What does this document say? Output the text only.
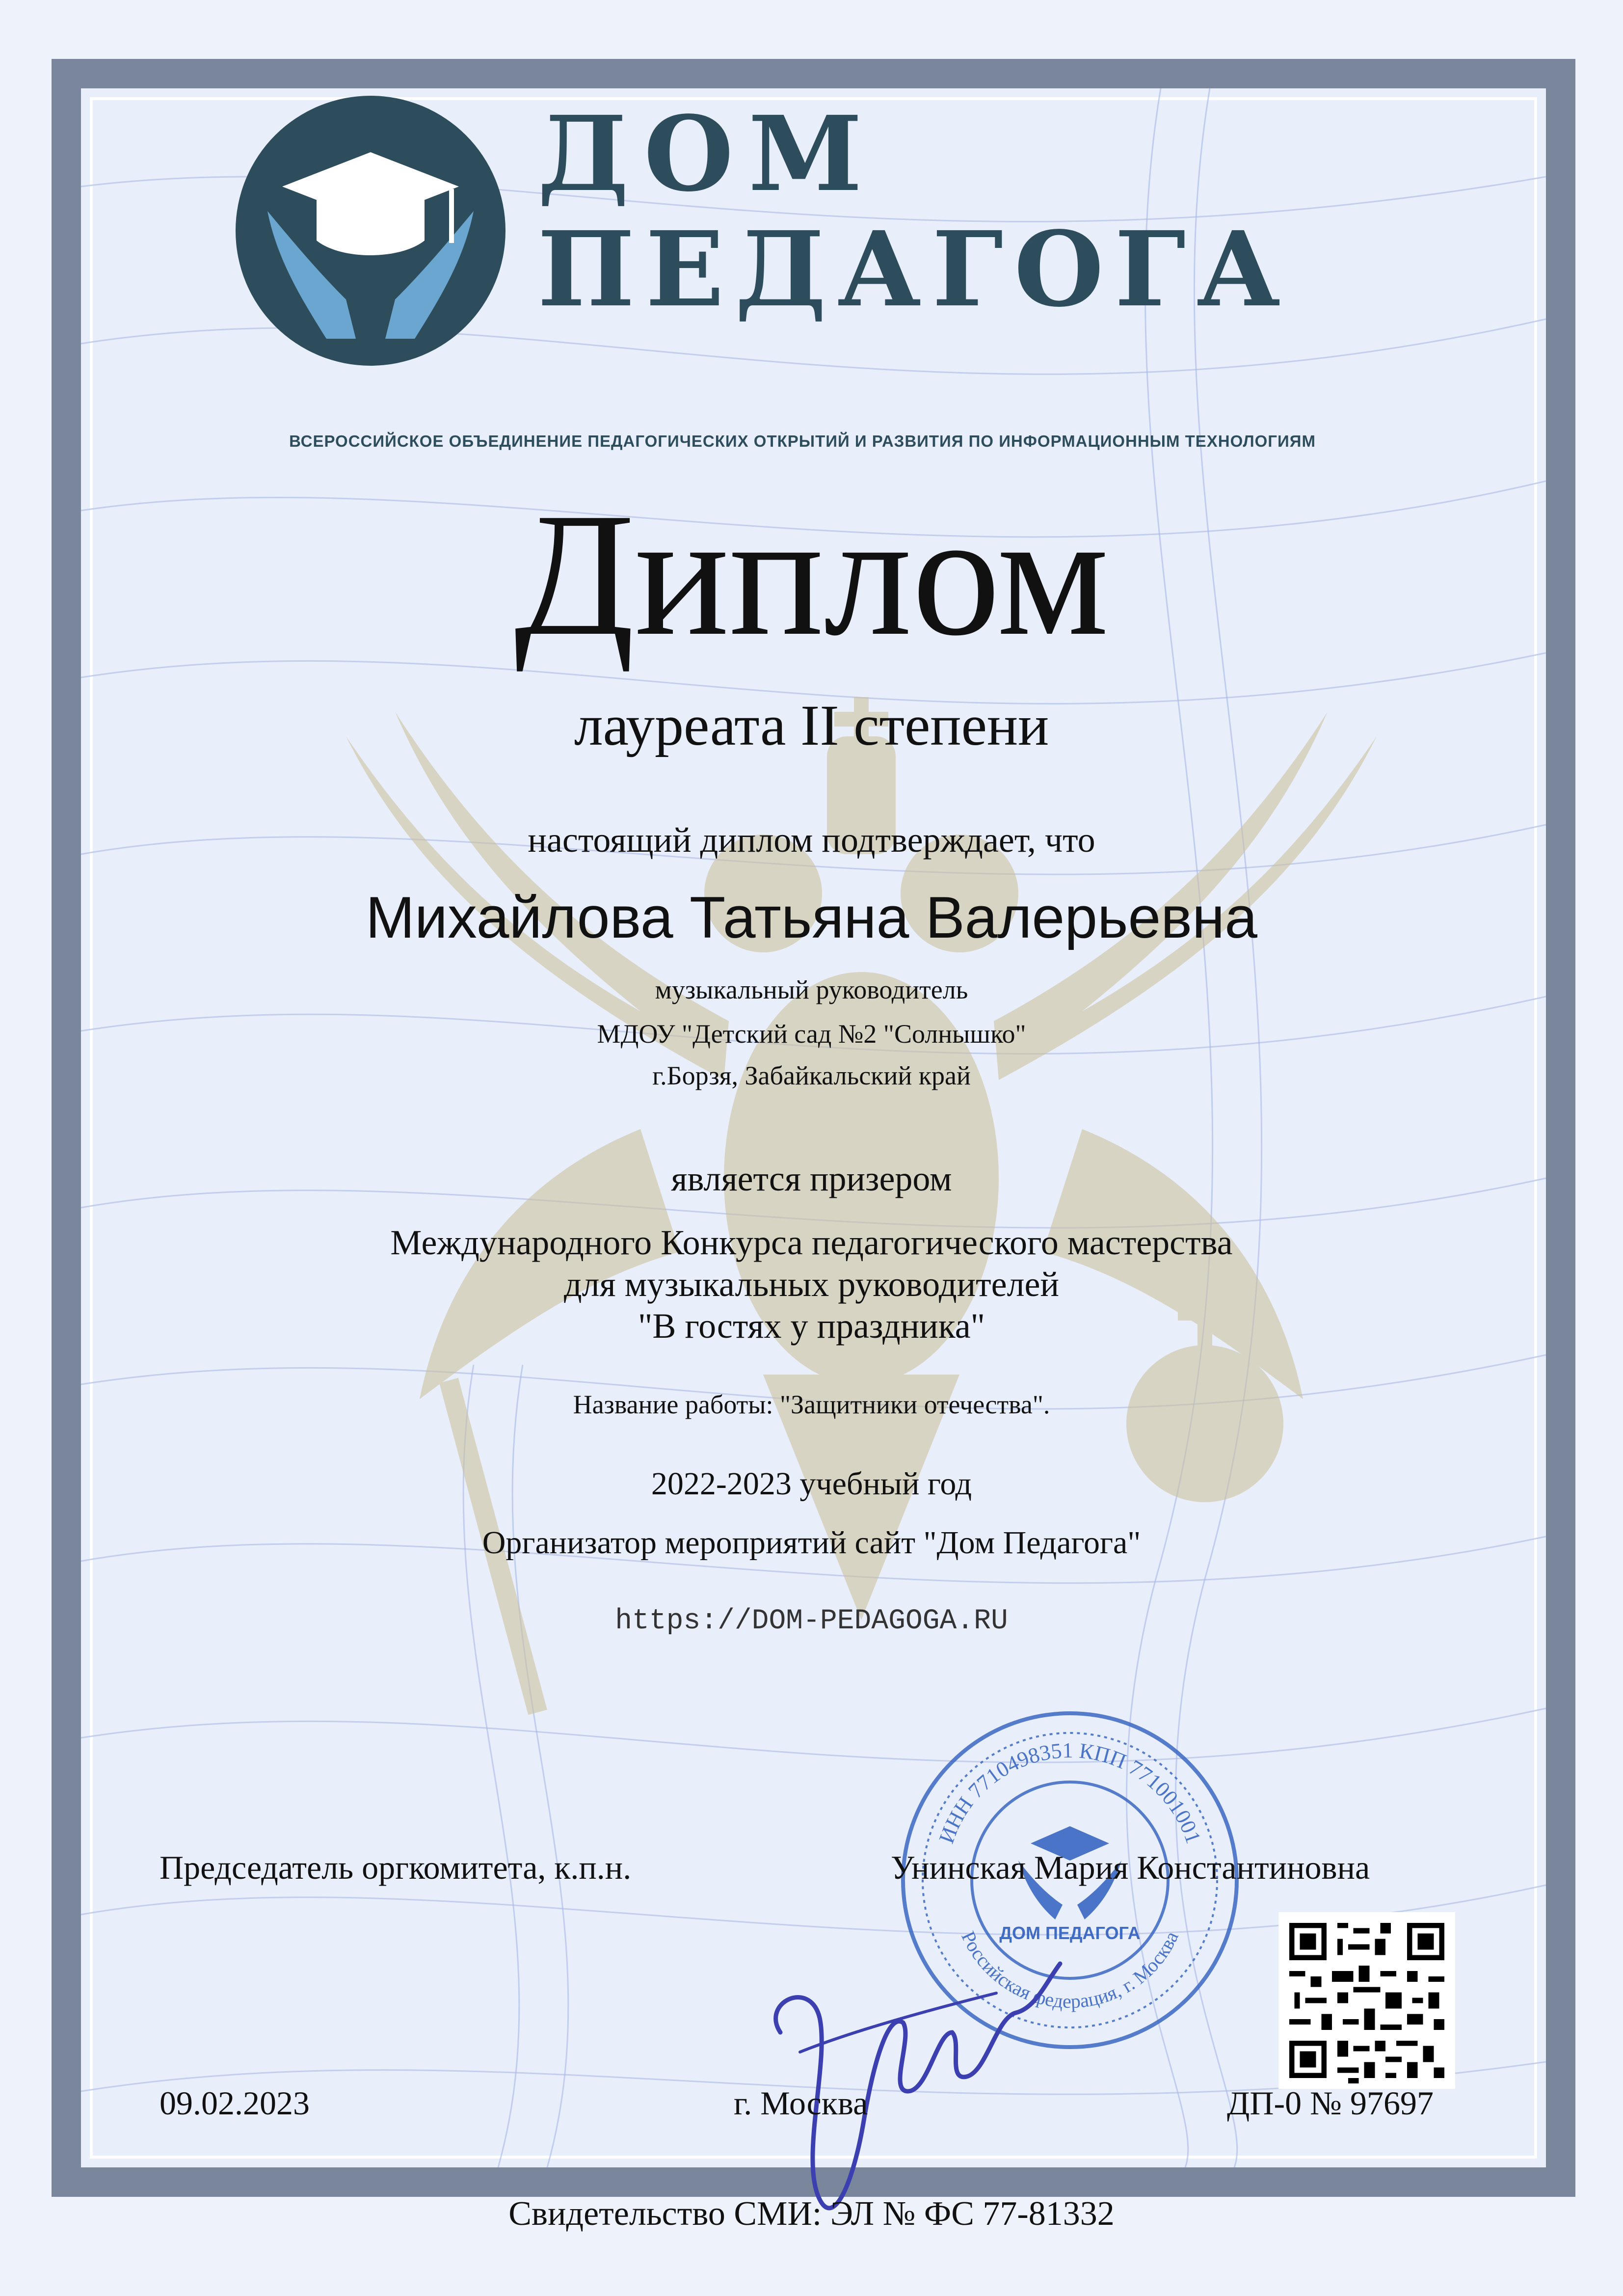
ДОМ
ПЕДАГОГА
ВСЕРОССИЙСКОЕ ОБЪЕДИНЕНИЕ ПЕДАГОГИЧЕСКИХ ОТКРЫТИЙ И РАЗВИТИЯ ПО ИНФОРМАЦИОННЫМ ТЕХНОЛОГИЯМ
Диплом
лауреата II степени
настоящий диплом подтверждает, что
Михайлова Татьяна Валерьевна
музыкальный руководитель
МДОУ "Детский сад №2 "Солнышко"
г.Борзя, Забайкальский край
является призером
Международного Конкурса педагогического мастерства
для музыкальных руководителей
"В гостях у праздника"
Название работы: "Защитники отечества".
2022-2023 учебный год
Организатор мероприятий сайт "Дом Педагога"
https://DOM-PEDAGOGA.RU
ИНН 7710498351 КПП 771001001
Российская федерация, г. Москва
ДОМ ПЕДАГОГА
Председатель оргкомитета, к.п.н.	Унинская Мария Константиновна
09.02.2023	г. Москва	ДП-0 № 97697
Свидетельство СМИ: ЭЛ № ФС 77-81332
